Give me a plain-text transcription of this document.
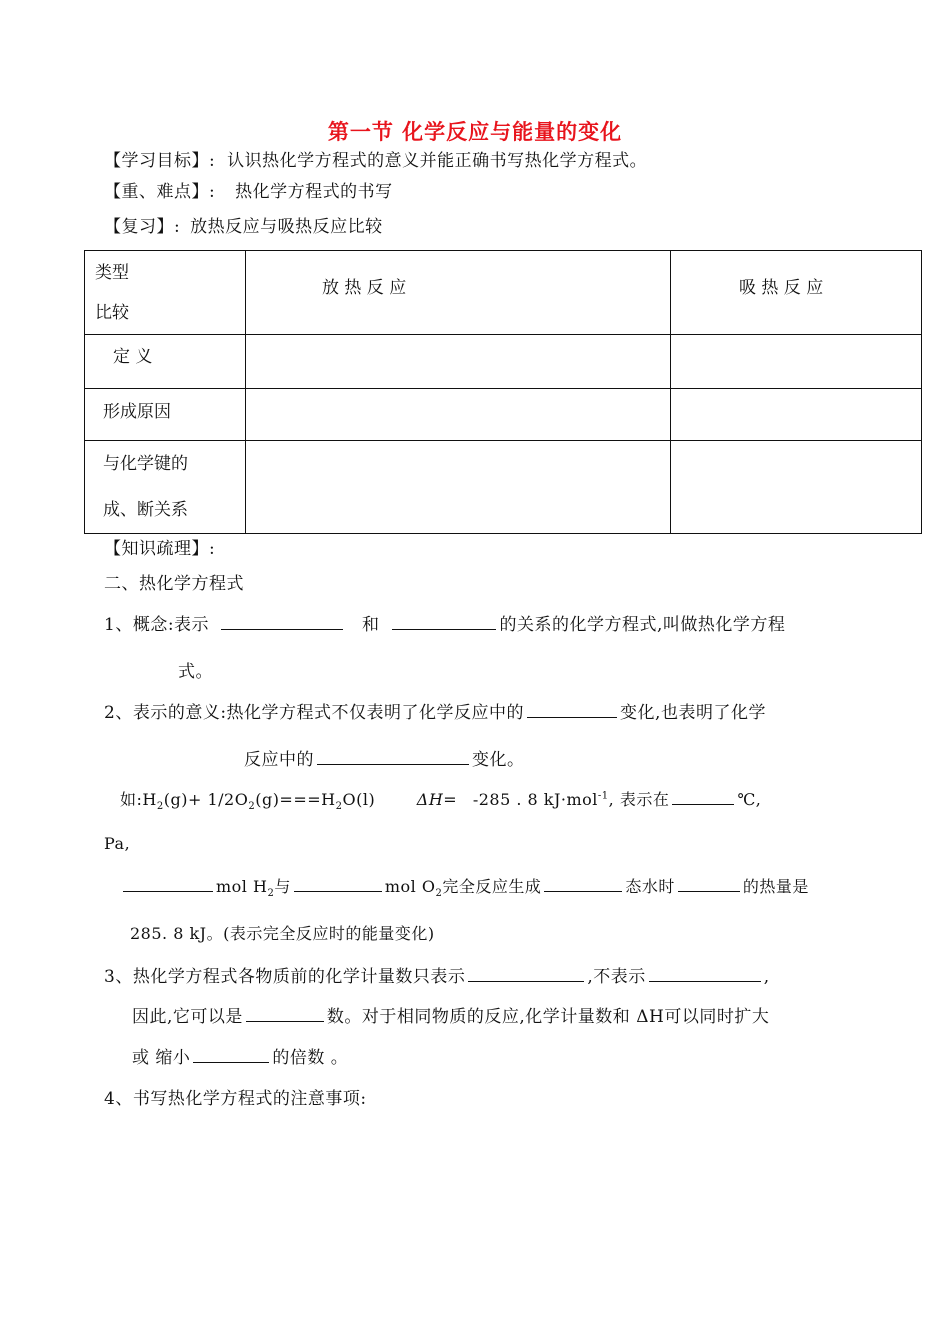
第一节 化学反应与能量的变化
【学习目标】: 认识热化学方程式的意义并能正确书写热化学方程式。
【重、难点】: 热化学方程式的书写
【复习】: 放热反应与吸热反应比较
类型
比较	放 热 反 应	吸 热 反 应
定 义		
形成原因		

与化学键的
成、断关系		

【知识疏理】:
二、热化学方程式
1、概念:表示	和	的关系的化学方程式,叫做热化学方程
式。
2、表示的意义:热化学方程式不仅表明了化学反应中的	变化,也表明了化学
反应中的	变化。
如$:H_2(g)+ 1/2O_2(g)===H_2O(l)$	ΔH= -285 . 8 kJ·mol$^{-1}$, 表示在	℃,
Pa,
mol $H_2$与	mol $O_2$完全反应生成	态水时	的热量是
285. 8 kJ。(表示完全反应时的能量变化)
3、热化学方程式各物质前的化学计量数只表示	,不表示	,
因此,它可以是	数。对于相同物质的反应,化学计量数和 ΔH可以同时扩大
或 缩小	的倍数 。
4、书写热化学方程式的注意事项:
